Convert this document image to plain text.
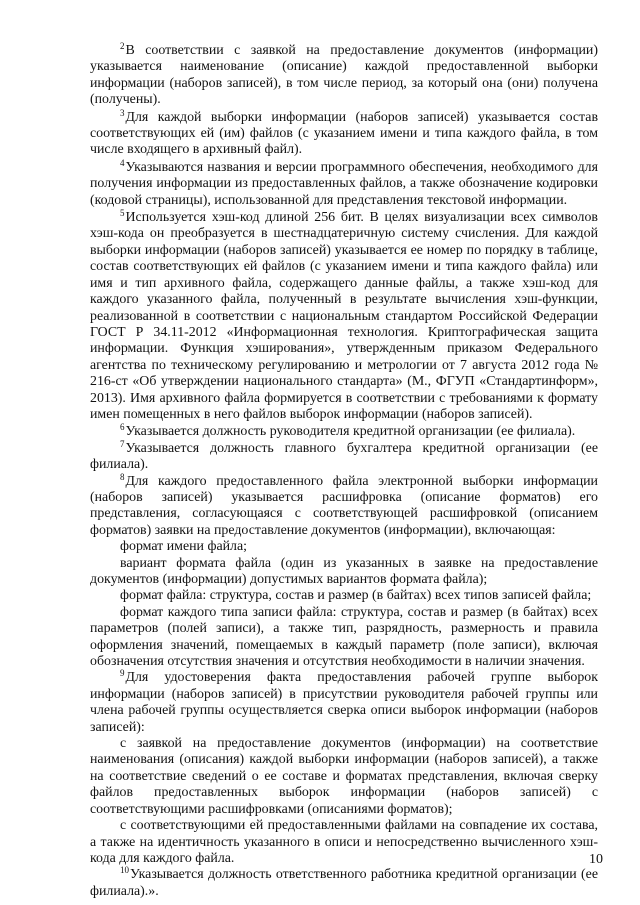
$^2$В соответствии с заявкой на предоставление документов (информации) указывается наименование (описание) каждой предоставленной выборки информации (наборов записей), в том числе период, за который она (они) получена (получены).

$^3$Для каждой выборки информации (наборов записей) указывается состав соответствующих ей (им) файлов (с указанием имени и типа каждого файла, в том числе входящего в архивный файл).

$^4$Указываются названия и версии программного обеспечения, необходимого для получения информации из предоставленных файлов, а также обозначение кодировки (кодовой страницы), использованной для представления текстовой информации.

$^5$Используется хэш-код длиной 256 бит. В целях визуализации всех символов хэш-кода он преобразуется в шестнадцатеричную систему счисления. Для каждой выборки информации (наборов записей) указывается ее номер по порядку в таблице, состав соответствующих ей файлов (с указанием имени и типа каждого файла) или имя и тип архивного файла, содержащего данные файлы, а также хэш-код для каждого указанного файла, полученный в результате вычисления хэш-функции, реализованной в соответствии с национальным стандартом Российской Федерации ГОСТ Р 34.11-2012 «Информационная технология. Криптографическая защита информации. Функция хэширования», утвержденным приказом Федерального агентства по техническому регулированию и метрологии от 7 августа 2012 года № 216-ст «Об утверждении национального стандарта» (М., ФГУП «Стандартинформ», 2013). Имя архивного файла формируется в соответствии с требованиями к формату имен помещенных в него файлов выборок информации (наборов записей).

$^6$Указывается должность руководителя кредитной организации (ее филиала).

$^7$Указывается должность главного бухгалтера кредитной организации (ее филиала).

$^8$Для каждого предоставленного файла электронной выборки информации (наборов записей) указывается расшифровка (описание форматов) его представления, согласующаяся с соответствующей расшифровкой (описанием форматов) заявки на предоставление документов (информации), включающая:

формат имени файла;

вариант формата файла (один из указанных в заявке на предоставление документов (информации) допустимых вариантов формата файла);

формат файла: структура, состав и размер (в байтах) всех типов записей файла;

формат каждого типа записи файла: структура, состав и размер (в байтах) всех параметров (полей записи), а также тип, разрядность, размерность и правила оформления значений, помещаемых в каждый параметр (поле записи), включая обозначения отсутствия значения и отсутствия необходимости в наличии значения.

$^9$Для удостоверения факта предоставления рабочей группе выборок информации (наборов записей) в присутствии руководителя рабочей группы или члена рабочей группы осуществляется сверка описи выборок информации (наборов записей):

с заявкой на предоставление документов (информации) на соответствие наименования (описания) каждой выборки информации (наборов записей), а также на соответствие сведений о ее составе и форматах представления, включая сверку файлов предоставленных выборок информации (наборов записей) с соответствующими расшифровками (описаниями форматов);

с соответствующими ей предоставленными файлами на совпадение их состава, а также на идентичность указанного в описи и непосредственно вычисленного хэш-кода для каждого файла.

$^{10}$Указывается должность ответственного работника кредитной организации (ее филиала).».

10
